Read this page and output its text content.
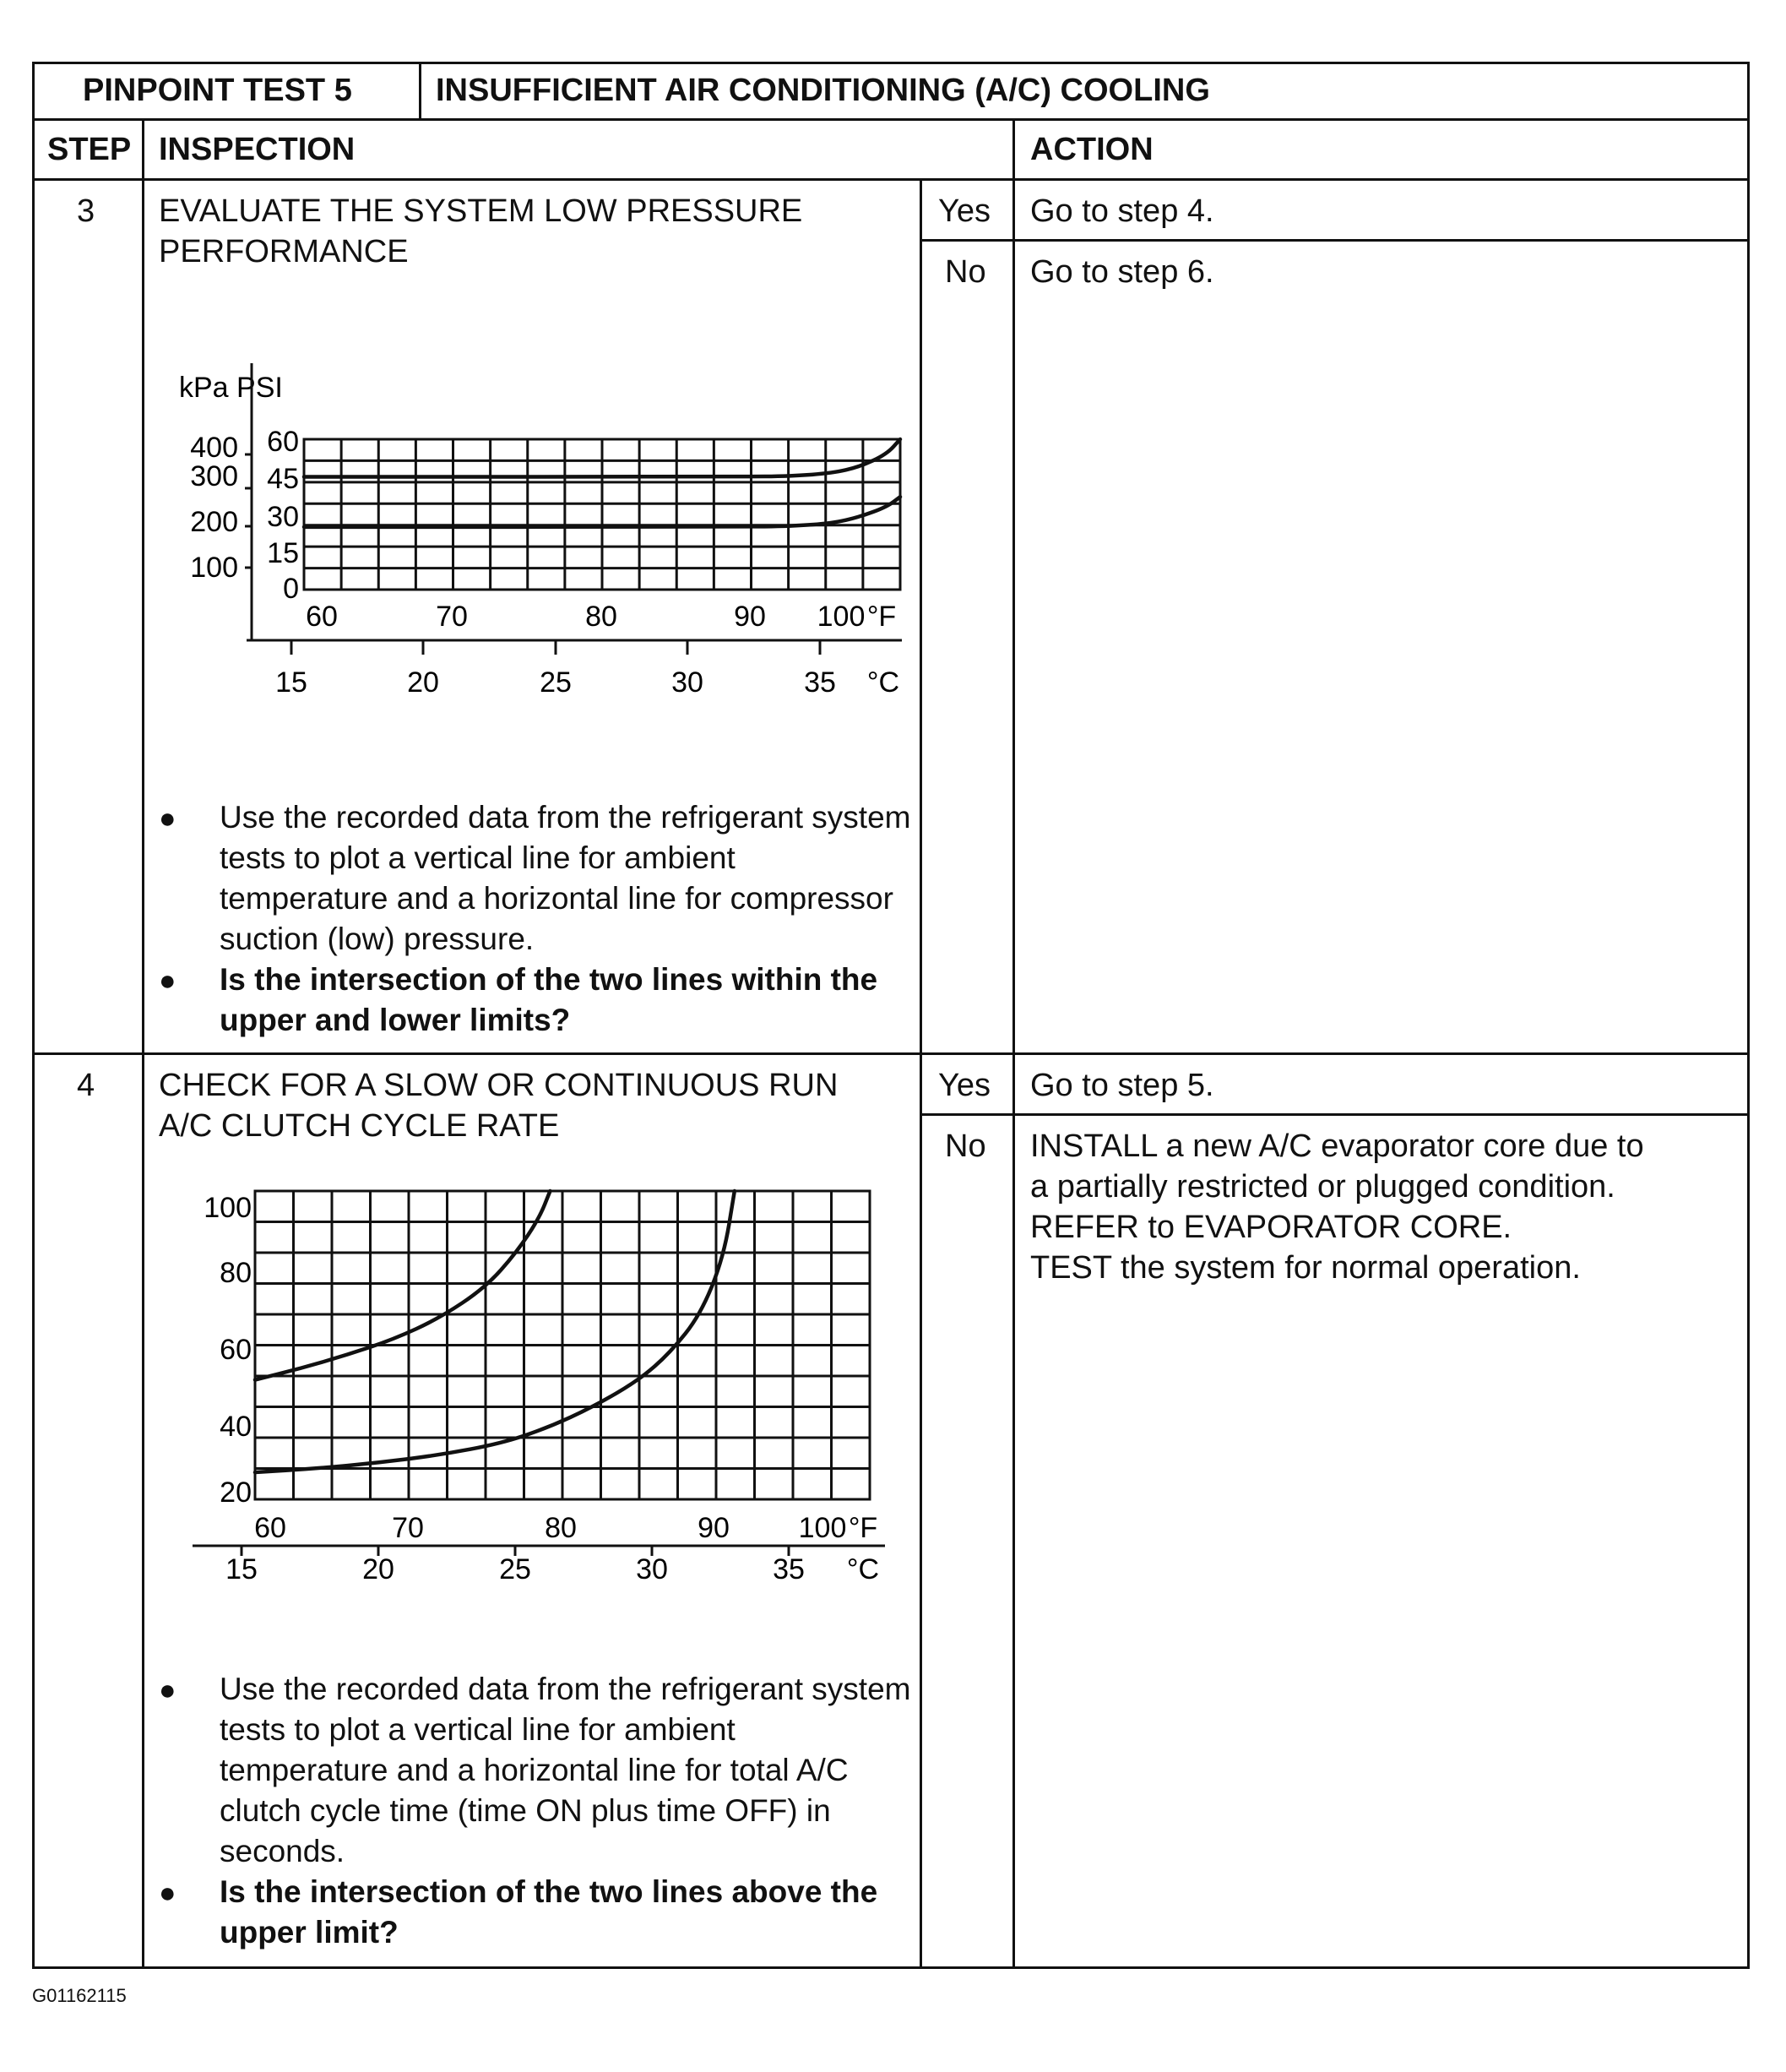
PINPOINT TEST 5	INSUFFICIENT AIR CONDITIONING (A/C) COOLING
STEP INSPECTION	ACTION
3 EVALUATE THE SYSTEM LOW PRESSURE
PERFORMANCE
Yes Go to step 4.
No Go to step 6.
kPa PSI
400
300
200
100
60
45
30
15
0
60	70	80	90 100 °F
15	20	25	30	35 °C
● Use the recorded data from the refrigerant system tests to plot a vertical line for ambient temperature and a horizontal line for compressor suction (low) pressure.
● Is the intersection of the two lines within the upper and lower limits?
4 CHECK FOR A SLOW OR CONTINUOUS RUN
A/C CLUTCH CYCLE RATE
Yes Go to step 5.
No INSTALL a new A/C evaporator core due to
a partially restricted or plugged condition.
REFER to EVAPORATOR CORE.
TEST the system for normal operation.
100
80
60
40
20
60	70	80	90 100 °F
15	20	25	30	35 °C
● Use the recorded data from the refrigerant system tests to plot a vertical line for ambient temperature and a horizontal line for total A/C clutch cycle time (time ON plus time OFF) in seconds.
● Is the intersection of the two lines above the upper limit?
G01162115
